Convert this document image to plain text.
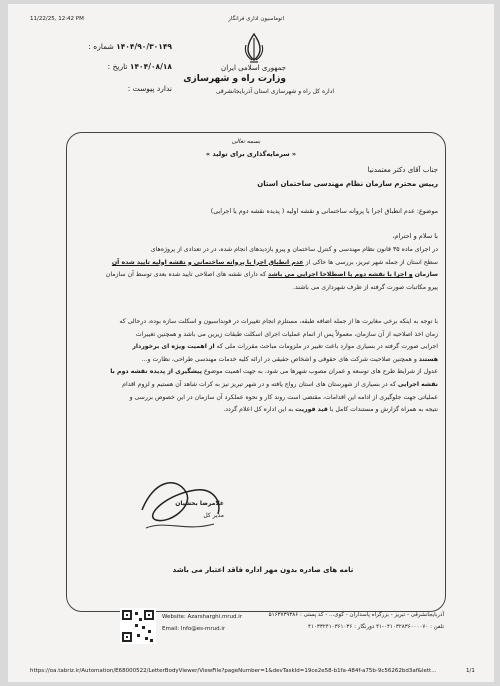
11/22/25, 12:42 PM	اتوماسیون اداری فرانگار
جمهوری اسلامی ایران
وزارت راه و شهرسازی
اداره کل راه و شهرسازی استان آذربایجانشرقی
۱۴۰۴/۹۰/۳۰۱۴۹ شماره :
۱۴۰۴/۰۸/۱۸ تاریخ :
ندارد پیوست :
بسمه تعالی
« سرمایه‌گذاری برای تولید »
جناب آقای دکتر معتمدنیا
رییس محترم سازمان نظام مهندسی ساختمان استان
موضوع: عدم انطباق اجرا با پروانه ساختمانی و نقشه اولیه ( پدیده نقشه دوم یا اجرایی)
با سلام و احترام،
در اجرای ماده ۳۵ قانون نظام مهندسی و کنترل ساختمان و پیرو بازدیدهای انجام شده، در در تعدادی از پروژه‌های
سطح استان از جمله شهر تبریز، بررسی ها حاکی از عدم انطباق اجرا با پروانه ساختمانی و نقشه اولیه تایید شده آن
سازمان و اجرا با نقشه دوم یا اصطلاحا اجرایی می باشد که دارای نقشه های اصلاحی تایید شده بعدی توسط آن سازمان
پیرو مکاتبات صورت گرفته از طرف شهرداری می باشند.
با توجه به اینکه برخی مغایرت ها از جمله اضافه طبقه، مستلزم انجام تغییرات در فونداسیون و اسکلت سازه بوده، درحالی که
زمان اخذ اصلاحیه از آن سازمان، معمولاً پس از اتمام عملیات اجرای اسکلت طبقات زیرین می باشد و همچنین تغییرات
اجرایی صورت گرفته در بسیاری موارد باعث تغییر در ملزومات مباحث مقررات ملی که از اهمیت ویژه ای برخوردار
هستند و همچنین صلاحیت شرکت های حقوقی و اشخاص حقیقی در ارائه کلیه خدمات مهندسی طراحی، نظارت و...
عدول از شرایط طرح های توسعه و عمران مصوب شهرها می شود، به جهت اهمیت موضوع پیشگیری از پدیده نقشه دوم با
نقشه اجرایی که در بسیاری از شهرستان های استان رواج یافته و در شهر تبریز نیز به کرات شاهد آن هستیم و لزوم اقدام
عملیاتی جهت جلوگیری از ادامه این اقدامات، مقتضی است روند کار و نحوه عملکرد آن سازمان در این خصوص بررسی و
نتیجه به همراه گزارش و مستندات کامل با قید فوریت به این اداره کل اعلام گردد.
غلامرضا بخشیان
مدیر کل
نامه های صادره بدون مهر اداره فاقد اعتبار می باشد
Website: Azarsharghi.mrud.ir
Email: Info@es-mrud.ir
آذربایجانشرقی - تبریز - بزرگراه پاسداران - کوی... - کد پستی : ۵۱۶۳۷۳۹۳۸۶
تلفن : ۰۴۱۰۳۲۸۳۶۰۰۰۰۷۰-۴۱ دورنگار : ۴۱۰۳۳۲۴۱۰۳۶۱۰۳۶
https://oa.tabriz.ir/Automation/E68000522/LetterBodyViewer/ViewFile?pageNumber=1&devTaskId=19ce2e58-b1fa-484f-a75b-9c56262bd3af&lett...	1/1
